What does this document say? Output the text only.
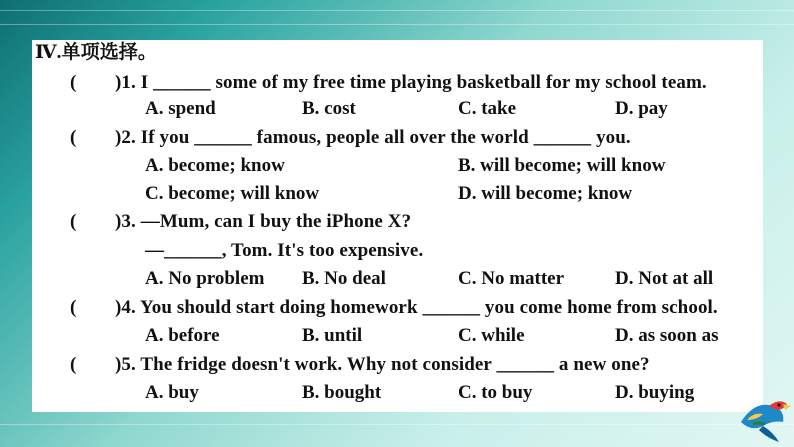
Ⅳ.单项选择。
( )1. I ______ some of my free time playing basketball for my school team.
A. spend	B. cost	C. take	D. pay
( )2. If you ______ famous, people all over the world ______ you.
A. become; know	B. will become; will know
C. become; will know	D. will become; know
( )3. —Mum, can I buy the iPhone X?
—______, Tom. It's too expensive.
A. No problem B. No deal	C. No matter	D. Not at all
( )4. You should start doing homework ______ you come home from school.
A. before	B. until	C. while	D. as soon as
( )5. The fridge doesn't work. Why not consider ______ a new one?
A. buy	B. bought	C. to buy	D. buying
